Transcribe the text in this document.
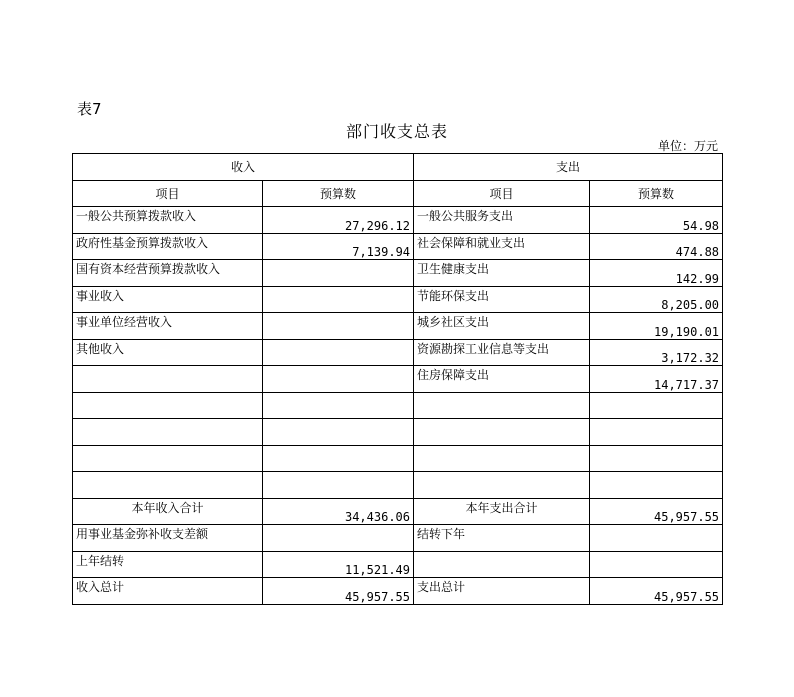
表7
部门收支总表
单位：万元
收入		支出	
项目	预算数	项目	预算数
一般公共预算拨款收入	27,296.12	一般公共服务支出	54.98
政府性基金预算拨款收入	7,139.94	社会保障和就业支出	474.88
国有资本经营预算拨款收入		卫生健康支出	142.99
事业收入		节能环保支出	8,205.00
事业单位经营收入		城乡社区支出	19,190.01
其他收入		资源勘探工业信息等支出	3,172.32
		住房保障支出	14,717.37

本年收入合计	34,436.06	本年支出合计	45,957.55
用事业基金弥补收支差额		结转下年	
上年结转	11,521.49		
收入总计	45,957.55	支出总计	45,957.55
